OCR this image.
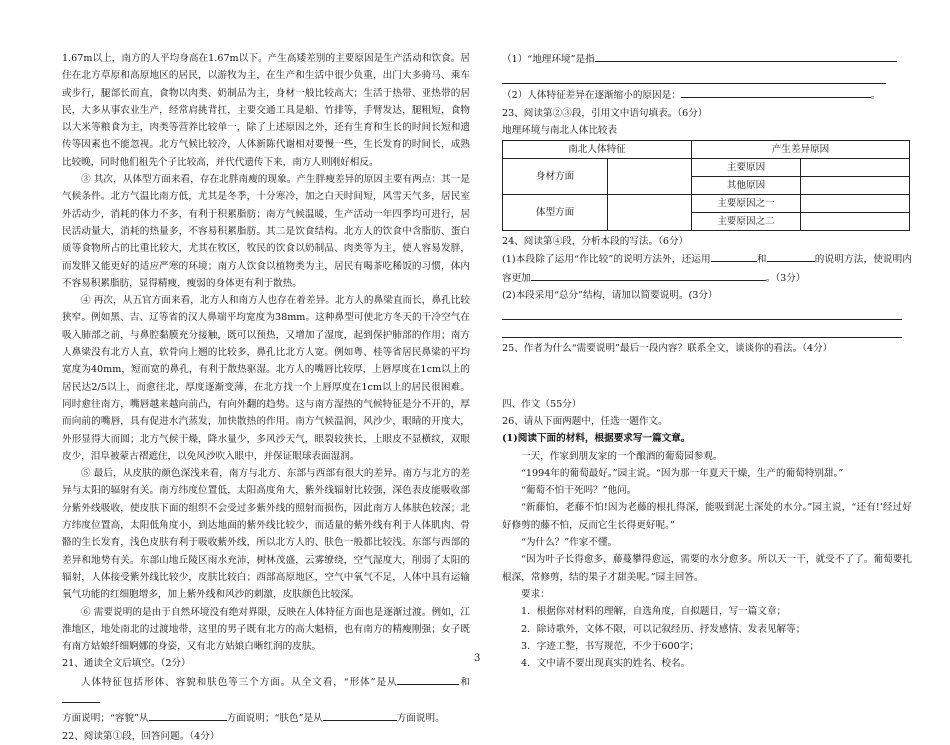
1.67m以上，南方的人平均身高在1.67m以下。产生高矮差别的主要原因是生产活动和饮食。居住在北方草原和高原地区的居民，以游牧为主，在生产和生活中很少负重，出门大多骑马、乘车或步行，腿部长而直，食物以肉类、奶制品为主，身材一般比较高大；生活于热带、亚热带的居民，大多从事农业生产，经常肩挑背扛，主要交通工具是船、竹排等，手臂发达，腿粗短，食物以大米等粮食为主，肉类等营养比较单一，除了上述原因之外，还有生育和生长的时间长短和遗传等因素也不能忽视。北方气候比较冷，人体新陈代谢相对要慢一些，生长发育的时间长，成熟比较晚，同时他们租先个子比较高，并代代遗传下来，南方人则刚好相反。

③ 其次，从体型方面来看，存在北胖南瘦的现象。产生胖瘦差异的原因主要有两点：其一是气候条件。北方气温比南方低，尤其是冬季，十分寒冷，加之白天时间短，风雪天气多，居民室外活动少，消耗的体力不多，有利于积累脂肪；南方气候温暖，生产活动一年四季均可进行，居民活动量大，消耗的热量多，不容易积累脂肪。其二是饮食结构。北方人的饮食中含脂肪、蛋白质等食物所占的比重比较大，尤其在牧区，牧民的饮食以奶制品、肉类等为主，使人容易发胖，而发胖又能更好的适应严寒的环境；南方人饮食以植物类为主，居民有喝茶吃稀饭的习惯，体内不容易积累脂肪，显得精瘦，瘦弱的身体更有利于散热。

④ 再次，从五官方面来看，北方人和南方人也存在着差异。北方人的鼻梁直而长，鼻孔比较狭窄。例如黑、吉、辽等省的汉人鼻端平均宽度为38mm。这种鼻型可使北方冬天的干冷空气在吸入肺部之前，与鼻腔黏膜充分接触，既可以预热，又增加了湿度，起到保护肺部的作用；南方人鼻梁没有北方人直，软骨向上翘的比较多，鼻孔比北方人宽。例如粤、桂等省居民鼻梁的平均宽度为40mm，短而宽的鼻孔，有利于散热驱湿。北方人的嘴唇比较厚，上唇厚度在1cm以上的居民达2/5以上，而愈往北，厚度逐渐变薄，在北方找一个上唇厚度在1cm以上的居民很困难。同时愈往南方，嘴唇越来越向前凸，有向外翻的趋势。这与南方湿热的气候特征是分不开的，厚而向前的嘴唇，具有促进水汽蒸发，加快散热的作用。南方气候温润，风沙少，眼睛的开度大，外形显得大而圆；北方气候干燥，降水量少，多风沙天气，眼裂较狭长，上眼皮不显横纹，双眼皮少，泪阜被蒙古褶遮住，以免风沙吹入眼中，并保证眼球表面湿润。

⑤ 最后，从皮肤的颜色深浅来看，南方与北方、东部与西部有很大的差异。南方与北方的差异与太阳的辐射有关。南方纬度位置低，太阳高度角大，紫外线辐射比较强，深色表皮能吸收部分紫外线吸收，使皮肤下面的组织不会受过多紫外线的照射而损伤，因此南方人体肤色较深；北方纬度位置高，太阳低角度小，到达地面的紫外线比较少，而适量的紫外线有利于人体肌肉、骨骼的生长发育，浅色皮肤有利于吸收紫外线，所以北方人的、肤色一般都比较浅。东部与西部的差异和地势有关。东部山地丘陵区雨水充沛，树林茂盛，云雾缭绕，空气湿度大，削弱了太阳的辐射，人体接受紫外线比较少，皮肤比较白；西部高原地区，空气中氧气不足，人体中具有运输氧气功能的红细胞增多，加上紫外线和风沙的刺激，皮肤颜色比较深。

⑥ 需要说明的是由于自然环境没有绝对界限，反映在人体特征方面也是逐渐过渡。例如，江淮地区，地处南北的过渡地带，这里的男子既有北方的高大魁梧，也有南方的精瘦刚强；女子既有南方姑娘纤细婀娜的身姿，又有北方姑娘白晰红润的皮肤。

21、通读全文后填空。（2分）

人体特征包括形体、容貌和肤色等三个方面。从全文看，“形体”是从	和
方面说明；“容貌”从	方面说明；“肤色”是从	方面说明。

22、阅读第①段，回答问题。（4分）

（1）“地理环境”是指

（2）人体特征差异在逐渐缩小的原因是：	。

23、阅读第②③段，引用文中语句填表。（6分）

地理环境与南北人体比较表

南北人体特征		产生差异原因	
身材方面		主要原因	
		其他原因	
体型方面		主要原因之一	
		主要原因之二	

24、阅读第④段，分析本段的写法。（6分）

(1)本段除了运用“作比较”的说明方法外，还运用	和	的说明方法，使说明内容更加	。（3分）

(2)本段采用“总分”结构，请加以简要说明。(3分）

25、作者为什么“需要说明”最后一段内容？联系全文，谈谈你的看法。（4分）

四、作文（55分）

26、请从下面两题中，任选一题作文。

(1)阅读下面的材料，根据要求写一篇文章。

一天，作家到朋友家的一个酿酒的葡萄园参观。

“1994年的葡萄最好。”园主说。“因为那一年夏天干燥，生产的葡萄特别甜。”

“葡萄不怕干死吗？”他问。

“新藤怕，老藤不怕!因为老藤的根扎得深，能吸到泥土深处的水分。”园主说，“还有!’经过好好修剪的藤不怕，反而它生长得更好呢。”

“为什么？”作家不懂。

“因为叶子长得愈多，藤蔓攀得愈远，需要的水分愈多。所以天一干，就受不了了。葡萄要扎根深，常修剪，结的果子才甜美呢。”园主回答。

要求：

1．根据你对材料的理解，自选角度，自拟题目，写一篇文章；

2．除诗歌外，文体不限，可以记叙经历、抒发感情、发表见解等；

3．字迹工整，书写规范，不少于600字；

4．文中请不要出现真实的姓名、校名。

3
